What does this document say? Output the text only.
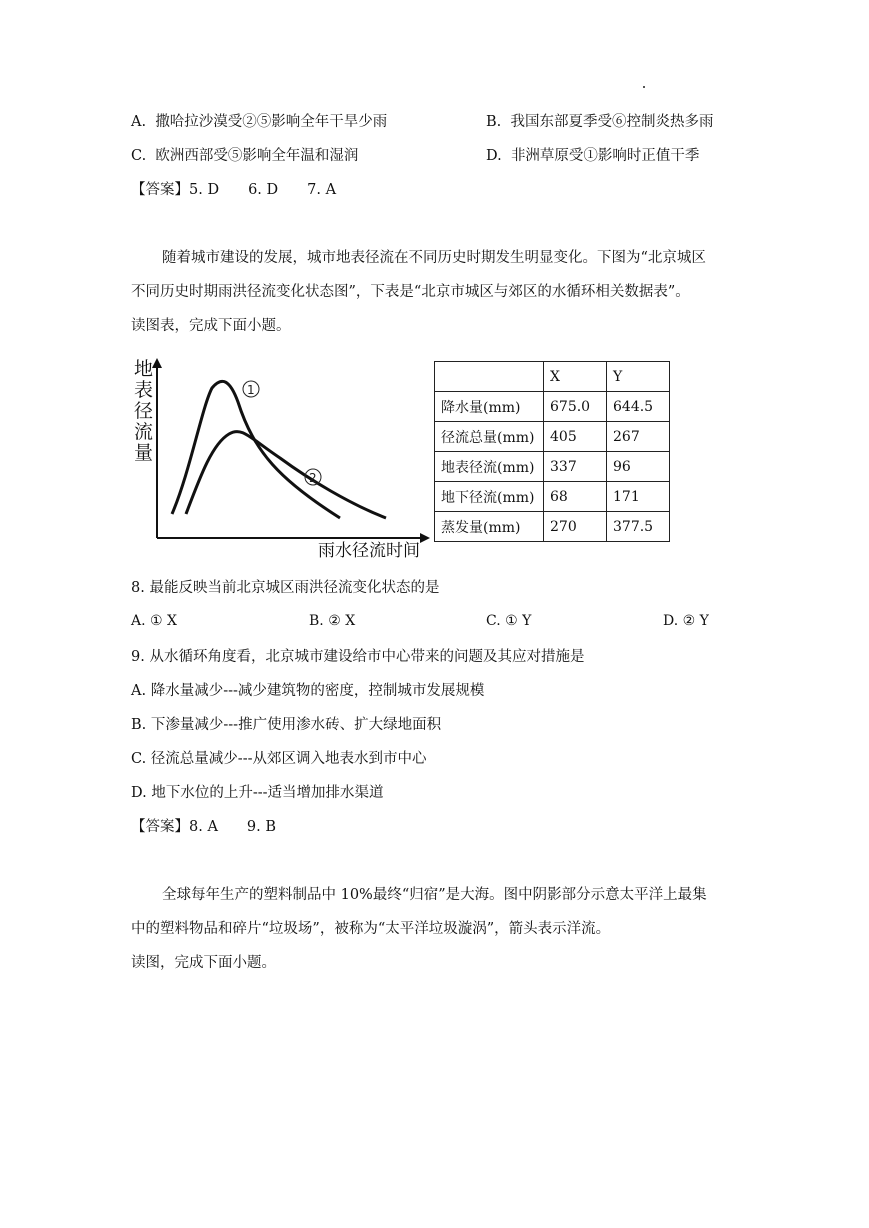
A. 撒哈拉沙漠受②⑤影响全年干旱少雨	B. 我国东部夏季受⑥控制炎热多雨
C. 欧洲西部受⑤影响全年温和湿润	D. 非洲草原受①影响时正值干季
【答案】5. D　　6. D　　7. A
随着城市建设的发展，城市地表径流在不同历史时期发生明显变化。下图为“北京城区
不同历史时期雨洪径流变化状态图”，下表是“北京市城区与郊区的水循环相关数据表”。
读图表，完成下面小题。
地
表
径
流
量
雨水径流时间
1
2
	X	Y
降水量(mm)	675.0	644.5
径流总量(mm)	405	267
地表径流(mm)	337	96
地下径流(mm)	68	171
蒸发量(mm)	270	377.5
8. 最能反映当前北京城区雨洪径流变化状态的是
A. ① X	B. ② X	C. ① Y	D. ② Y
9. 从水循环角度看，北京城市建设给市中心带来的问题及其应对措施是
A. 降水量减少---减少建筑物的密度，控制城市发展规模
B. 下渗量减少---推广使用渗水砖、扩大绿地面积
C. 径流总量减少---从郊区调入地表水到市中心
D. 地下水位的上升---适当增加排水渠道
【答案】8. A　　9. B
全球每年生产的塑料制品中 10%最终“归宿”是大海。图中阴影部分示意太平洋上最集
中的塑料物品和碎片“垃圾场”，被称为“太平洋垃圾漩涡”，箭头表示洋流。
读图，完成下面小题。
